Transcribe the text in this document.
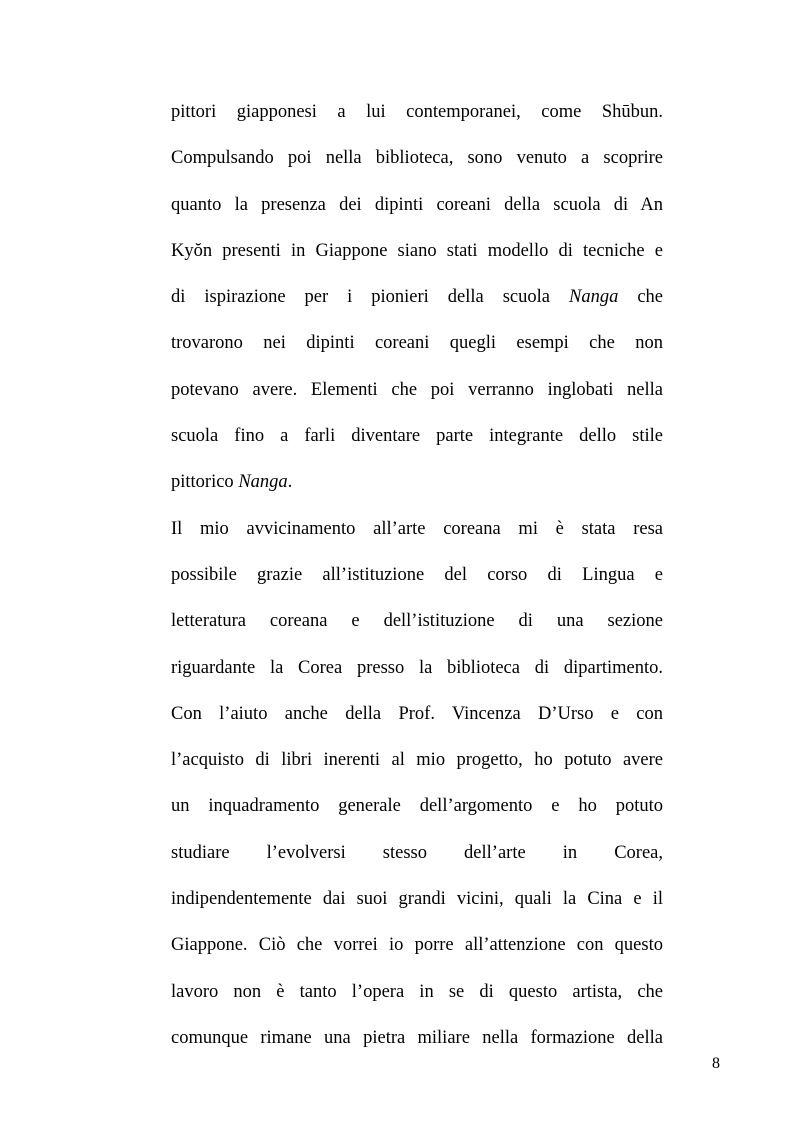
pittori giapponesi a lui contemporanei, come Shūbun.
Compulsando poi nella biblioteca, sono venuto a scoprire
quanto la presenza dei dipinti coreani della scuola di An
Kyŏn presenti in Giappone siano stati modello di tecniche e
di ispirazione per i pionieri della scuola Nanga che
trovarono nei dipinti coreani quegli esempi che non
potevano avere. Elementi che poi verranno inglobati nella
scuola fino a farli diventare parte integrante dello stile
pittorico Nanga.
Il mio avvicinamento all’arte coreana mi è stata resa
possibile grazie all’istituzione del corso di Lingua e
letteratura coreana e dell’istituzione di una sezione
riguardante la Corea presso la biblioteca di dipartimento.
Con l’aiuto anche della Prof. Vincenza D’Urso e con
l’acquisto di libri inerenti al mio progetto, ho potuto avere
un inquadramento generale dell’argomento e ho potuto
studiare l’evolversi stesso dell’arte in Corea,
indipendentemente dai suoi grandi vicini, quali la Cina e il
Giappone. Ciò che vorrei io porre all’attenzione con questo
lavoro non è tanto l’opera in se di questo artista, che
comunque rimane una pietra miliare nella formazione della
8
